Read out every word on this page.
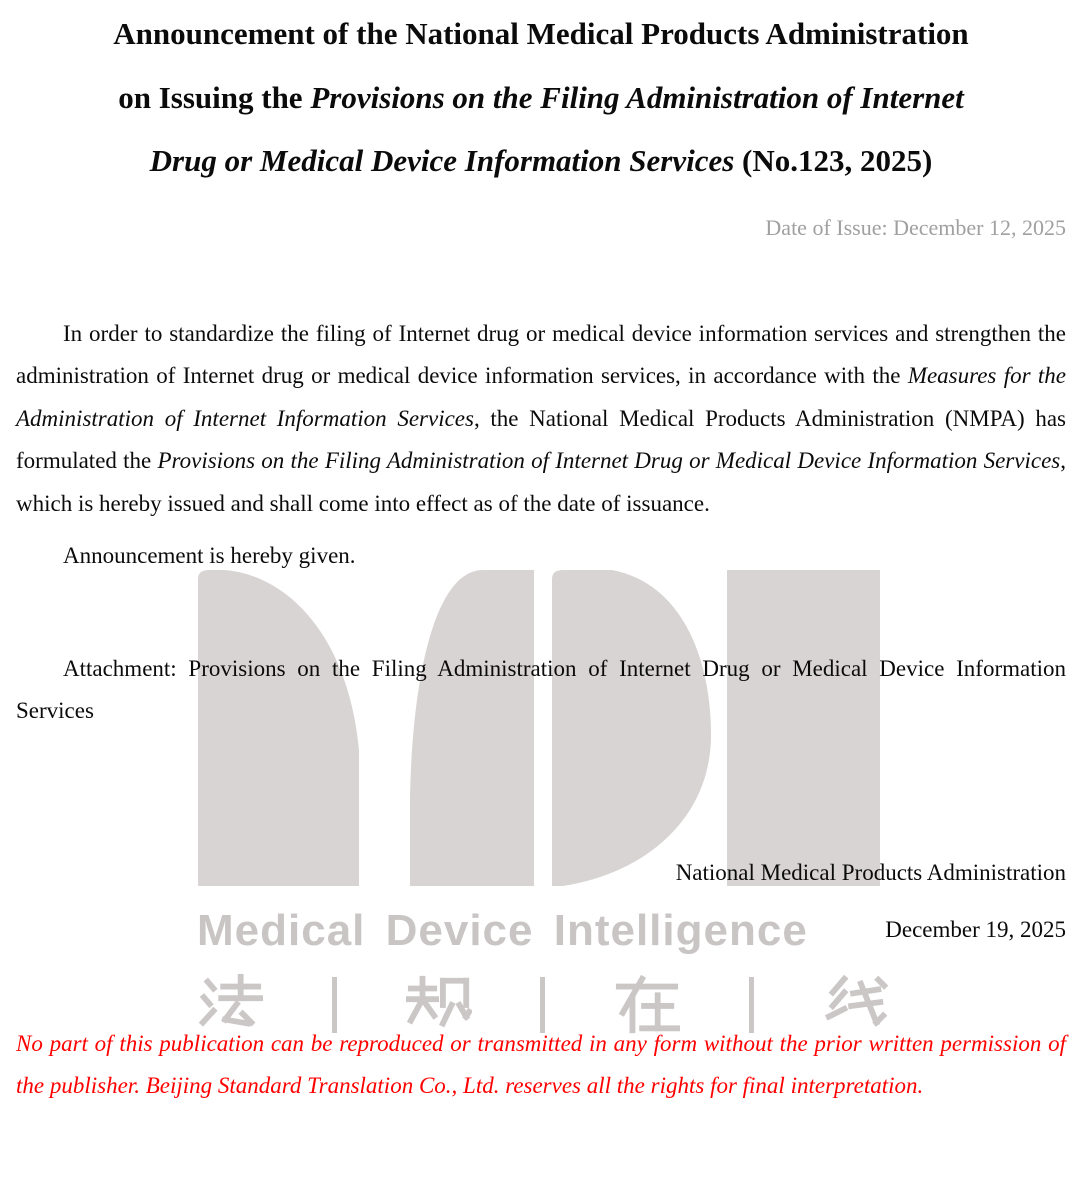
Medical Device Intelligence
Announcement of the National Medical Products Administration
on Issuing the Provisions on the Filing Administration of Internet
Drug or Medical Device Information Services (No.123, 2025)
Date of Issue: December 12, 2025

In order to standardize the filing of Internet drug or medical device information services and strengthen the administration of Internet drug or medical device information services, in accordance with the Measures for the Administration of Internet Information Services, the National Medical Products Administration (NMPA) has formulated the Provisions on the Filing Administration of Internet Drug or Medical Device Information Services, which is hereby issued and shall come into effect as of the date of issuance.

Announcement is hereby given.

Attachment: Provisions on the Filing Administration of Internet Drug or Medical Device Information Services

National Medical Products Administration
December 19, 2025

No part of this publication can be reproduced or transmitted in any form without the prior written permission of the publisher. Beijing Standard Translation Co., Ltd. reserves all the rights for final interpretation.
